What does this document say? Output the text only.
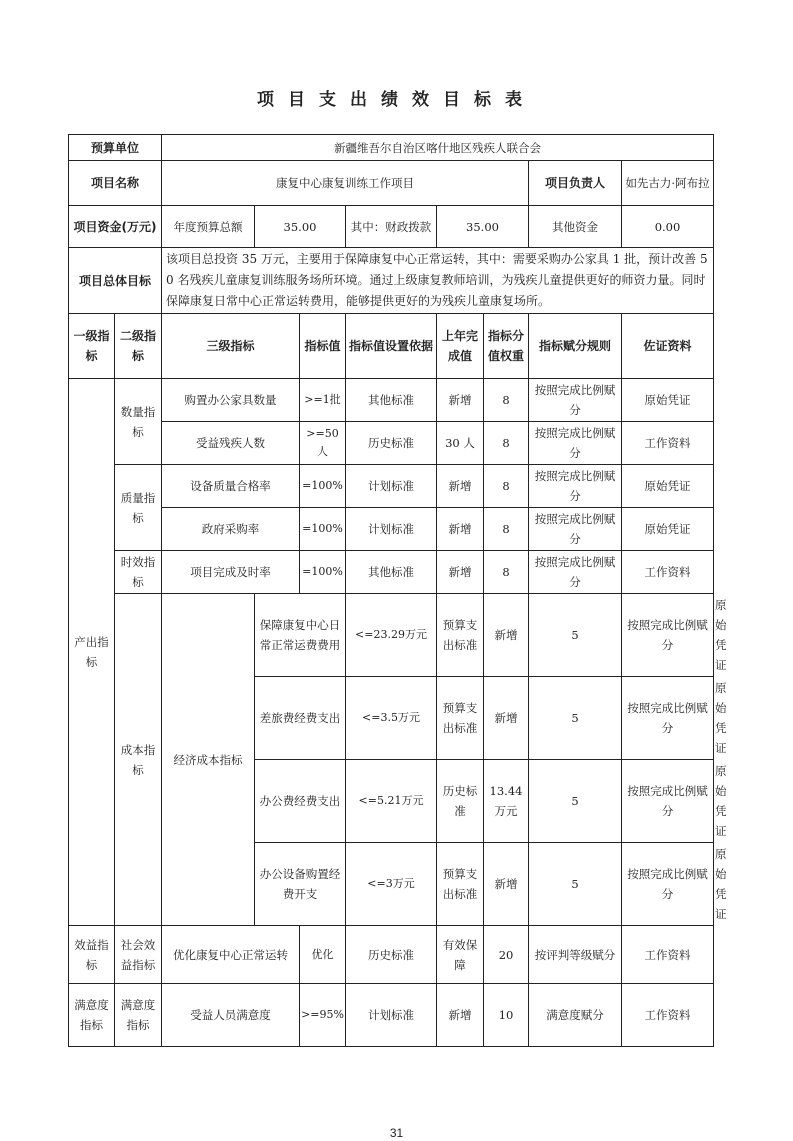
项目支出绩效目标表
预算单位		新疆维吾尔自治区喀什地区残疾人联合会								
项目名称		康复中心康复训练工作项目						项目负责人	如先古力·阿布拉	
项目资金(万元)		年度预算总额	35.00		其中：财政拨款	35.00		其他资金	0.00	
项目总体目标		该项目总投资 35 万元，主要用于保障康复中心正常运转，其中：需要采购办公家具 1 批，预计改善 50 名残疾儿童康复训练服务场所环境。通过上级康复教师培训，为残疾儿童提供更好的师资力量。同时保障康复日常中心正常运转费用，能够提供更好的为残疾儿童康复场所。								
一级指标	二级指标	三级指标		指标值	指标值设置依据	上年完成值	指标分值权重	指标赋分规则	佐证资料	
产出指标	数量指标	购置办公家具数量		>=1批	其他标准	新增	8	按照完成比例赋分	原始凭证	
		受益残疾人数		>=50人	历史标准	30 人	8	按照完成比例赋分	工作资料	
	质量指标	设备质量合格率		=100%	计划标准	新增	8	按照完成比例赋分	原始凭证	
		政府采购率		=100%	计划标准	新增	8	按照完成比例赋分	原始凭证	
	时效指标	项目完成及时率		=100%	其他标准	新增	8	按照完成比例赋分	工作资料	
	成本指标	经济成本指标	保障康复中心日常正常运费费用		<=23.29万元	预算支出标准	新增	5	按照完成比例赋分	原始凭证
			差旅费经费支出		<=3.5万元	预算支出标准	新增	5	按照完成比例赋分	原始凭证
			办公费经费支出		<=5.21万元	历史标准	13.44万元	5	按照完成比例赋分	原始凭证
			办公设备购置经费开支		<=3万元	预算支出标准	新增	5	按照完成比例赋分	原始凭证
效益指标	社会效益指标	优化康复中心正常运转		优化	历史标准	有效保障	20	按评判等级赋分	工作资料	
满意度指标	满意度指标	受益人员满意度		>=95%	计划标准	新增	10	满意度赋分	工作资料	
31
